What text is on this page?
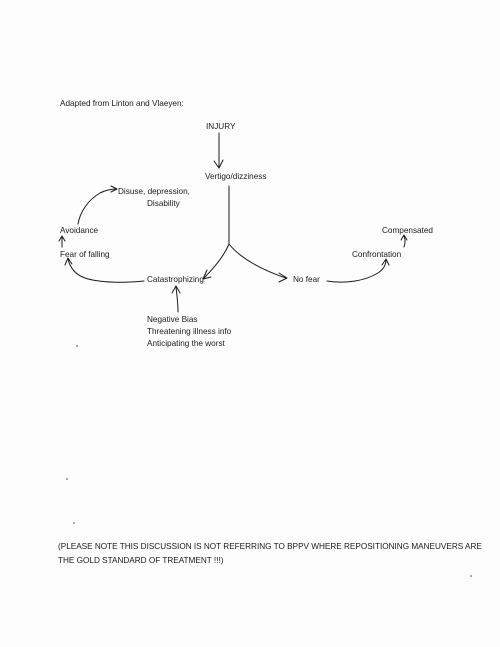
Adapted from Linton and Vlaeyen:
INJURY
Vertigo/dizziness
Disuse, depression,
Disability
Avoidance
Fear of falling
Catastrophizing	No fear
Confrontation
Compensated
Negative Bias
Threatening illness info
Anticipating the worst
(PLEASE NOTE THIS DISCUSSION IS NOT REFERRING TO BPPV WHERE REPOSITIONING MANEUVERS ARE
THE GOLD STANDARD OF TREATMENT !!!)
